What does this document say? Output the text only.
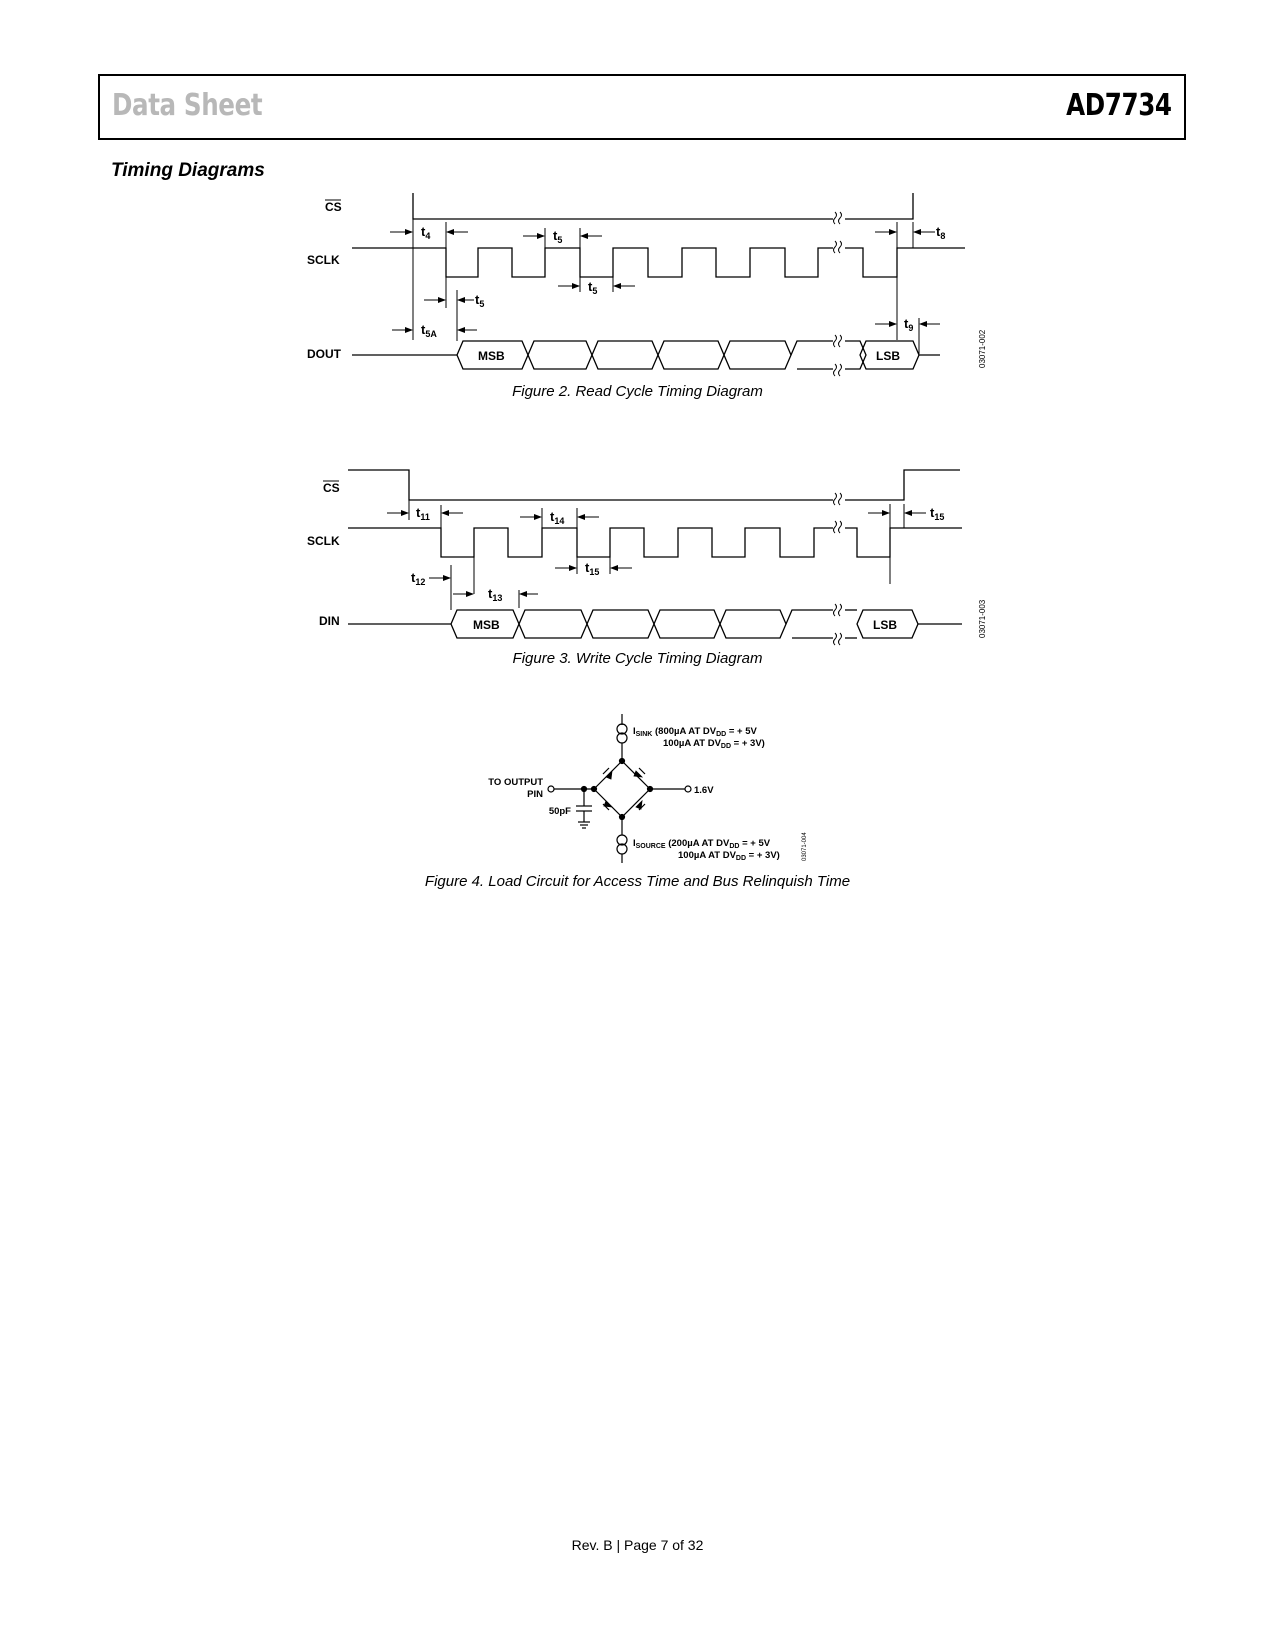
Data Sheet	AD7734
Timing Diagrams
CS
SCLK
DOUT
$t_4$	$t_5$
$t_5$
$t_5$
$t_{5A}$
$t_8$
$t_9$
MSB	LSB	03071-002
CS
SCLK
DIN
$t_{11}$	$t_{14}$
$t_{15}$
$t_{12}$
$t_{13}$
$t_{15}$
MSB	LSB	03071-003
$I_{SINK}$ (800µA AT $DV_{DD}$ = + 5V
100µA AT $DV_{DD}$ = + 3V)
$I_{SOURCE}$ (200µA AT $DV_{DD}$ = + 5V
100µA AT $DV_{DD}$ = + 3V)
TO OUTPUT
PIN
50pF
1.6V
03071-004
Figure 2. Read Cycle Timing Diagram
Figure 3. Write Cycle Timing Diagram
Figure 4. Load Circuit for Access Time and Bus Relinquish Time
Rev. B | Page 7 of 32
